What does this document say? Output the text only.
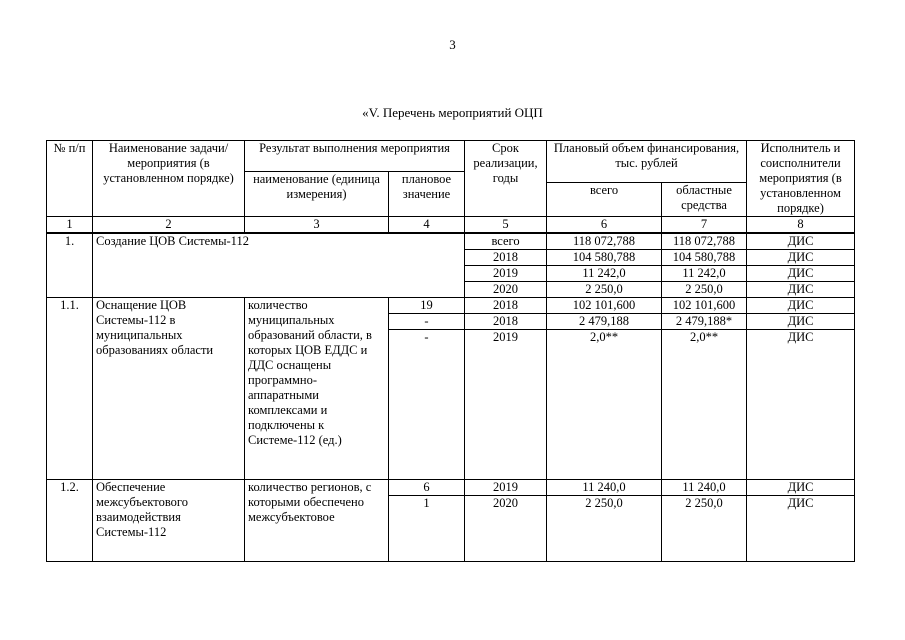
3
«V. Перечень мероприятий ОЦП
№ п/п	Наименование задачи/мероприятия (в установленном порядке)	Результат выполнения мероприятия		Срок реализации, годы	Плановый объем финансирования, тыс. рублей		Исполнитель и соисполнители мероприятия (в установленном порядке)
		наименование (единица измерения)	плановое значение				
					всего	областные средства	
1	2	3	4	5	6	7	8
1.	Создание ЦОВ Системы-112			всего	118 072,788	118 072,788	ДИС
				2018	104 580,788	104 580,788	ДИС
				2019	11 242,0	11 242,0	ДИС
				2020	2 250,0	2 250,0	ДИС
1.1.	Оснащение ЦОВ Системы-112 в муниципальных образованиях области	количество муниципальных образований области, в которых ЦОВ ЕДДС и ДДС оснащены программно-аппаратными комплексами и подключены к Системе-112 (ед.)	19	2018	102 101,600	102 101,600	ДИС
			-	2018	2 479,188	2 479,188*	ДИС
			-	2019	2,0**	2,0**	ДИС
1.2.	Обеспечение межсубъектового взаимодействия Системы-112	количество регионов, с которыми обеспечено межсубъектовое	6	2019	11 240,0	11 240,0	ДИС
			1	2020	2 250,0	2 250,0	ДИС
